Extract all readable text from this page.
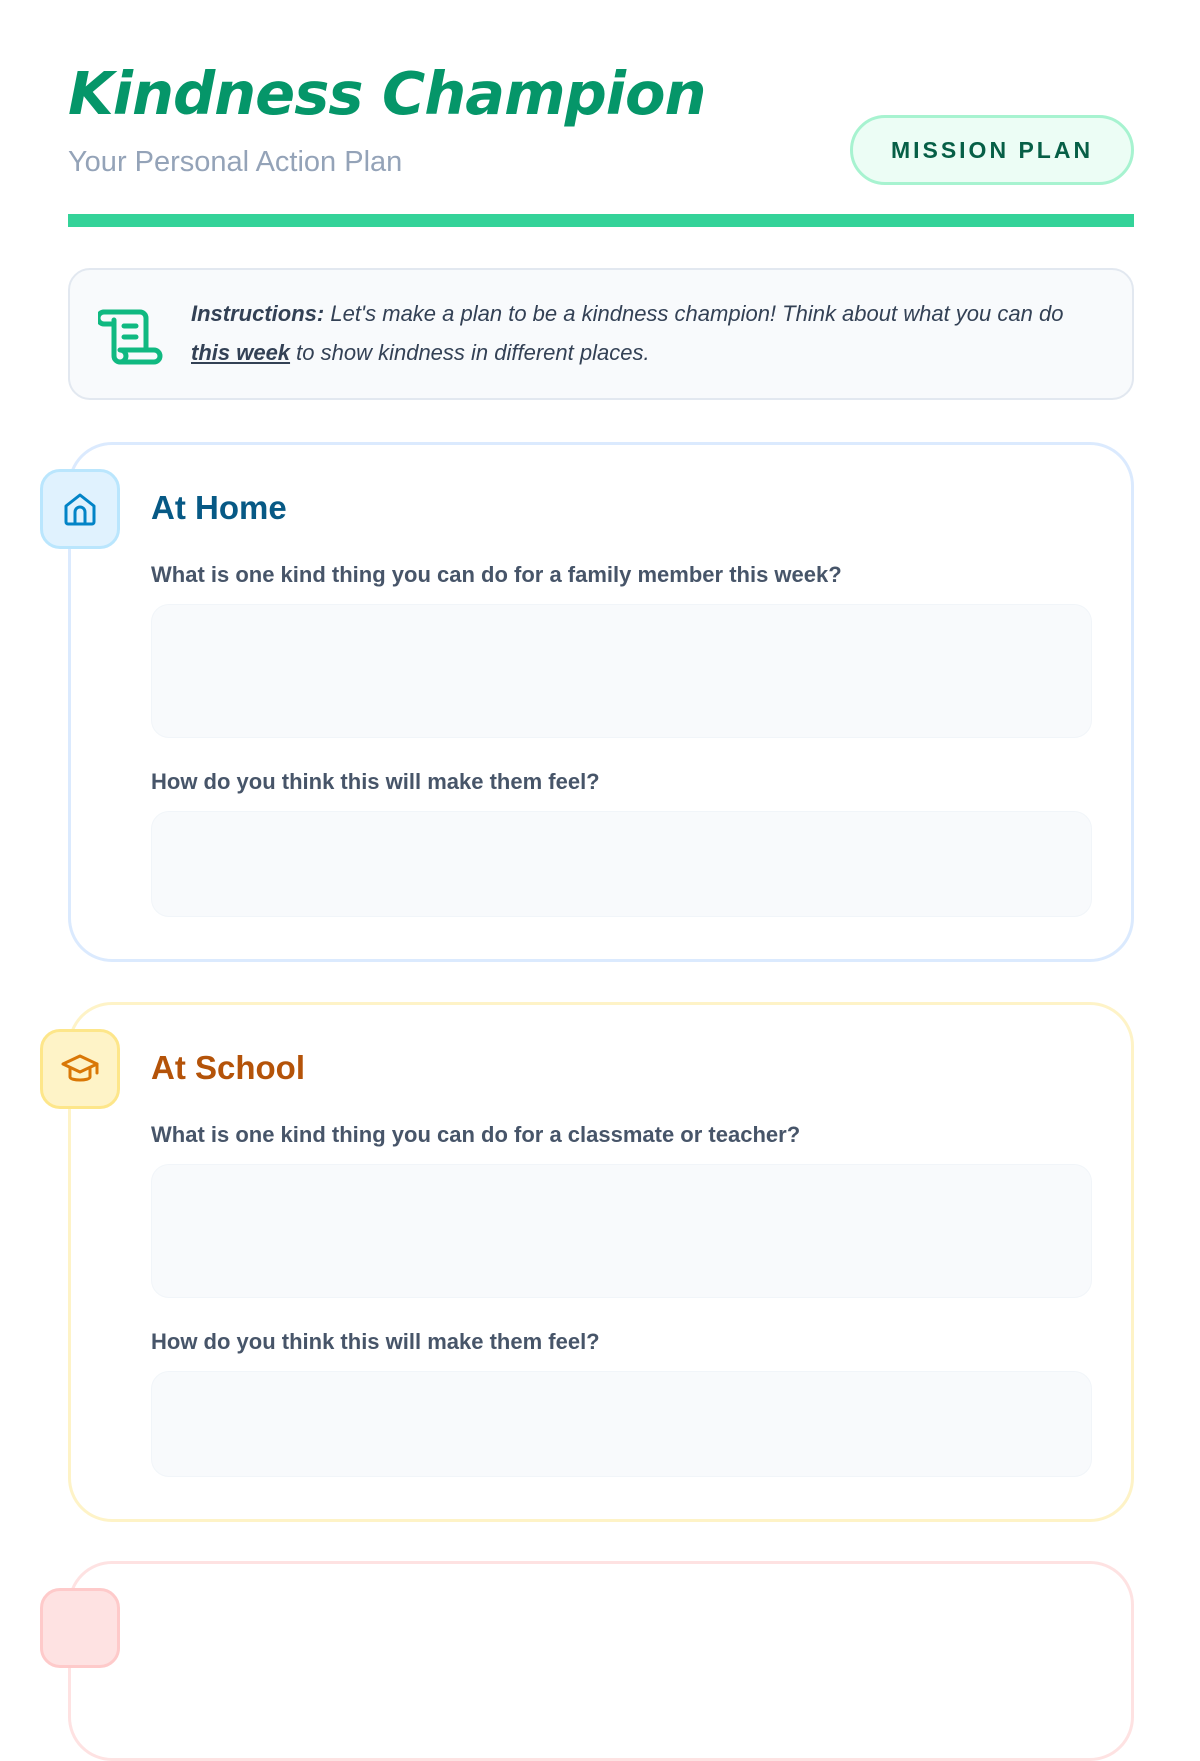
Kindness Champion
Your Personal Action Plan	MISSION PLAN
Instructions: Let's make a plan to be a kindness champion! Think about what you can do this week to show kindness in different places.
At Home
What is one kind thing you can do for a family member this week?
How do you think this will make them feel?
At School
What is one kind thing you can do for a classmate or teacher?
How do you think this will make them feel?
